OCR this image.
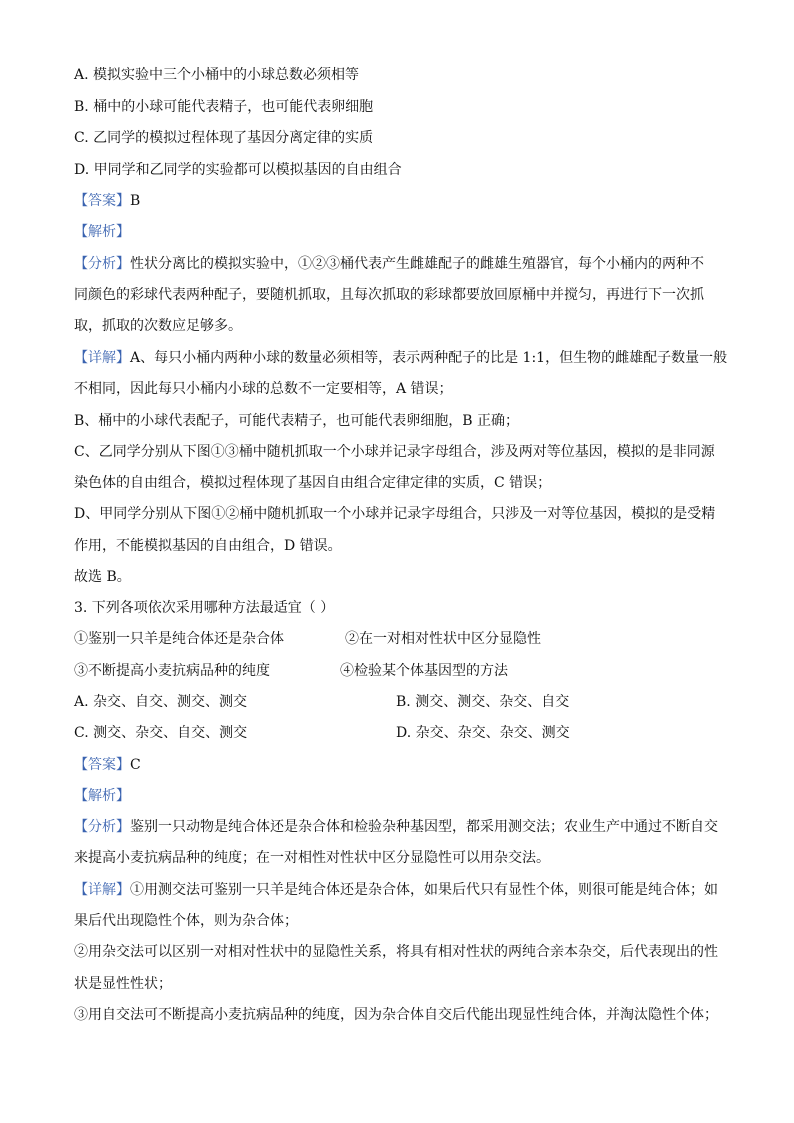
A. 模拟实验中三个小桶中的小球总数必须相等
B. 桶中的小球可能代表精子，也可能代表卵细胞
C. 乙同学的模拟过程体现了基因分离定律的实质
D. 甲同学和乙同学的实验都可以模拟基因的自由组合
【答案】B
【解析】
【分析】性状分离比的模拟实验中，①②③桶代表产生雌雄配子的雌雄生殖器官，每个小桶内的两种不
同颜色的彩球代表两种配子，要随机抓取，且每次抓取的彩球都要放回原桶中并搅匀，再进行下一次抓
取，抓取的次数应足够多。
【详解】A、每只小桶内两种小球的数量必须相等，表示两种配子的比是 1:1，但生物的雌雄配子数量一般
不相同，因此每只小桶内小球的总数不一定要相等，A 错误；
B、桶中的小球代表配子，可能代表精子，也可能代表卵细胞，B 正确；
C、乙同学分别从下图①③桶中随机抓取一个小球并记录字母组合，涉及两对等位基因，模拟的是非同源
染色体的自由组合，模拟过程体现了基因自由组合定律定律的实质，C 错误；
D、甲同学分别从下图①②桶中随机抓取一个小球并记录字母组合，只涉及一对等位基因，模拟的是受精
作用，不能模拟基因的自由组合，D 错误。
故选 B。
3. 下列各项依次采用哪种方法最适宜（ ）
①鉴别一只羊是纯合体还是杂合体	②在一对相对性状中区分显隐性
③不断提高小麦抗病品种的纯度	④检验某个体基因型的方法
A. 杂交、自交、测交、测交	B. 测交、测交、杂交、自交
C. 测交、杂交、自交、测交	D. 杂交、杂交、杂交、测交
【答案】C
【解析】
【分析】鉴别一只动物是纯合体还是杂合体和检验杂种基因型，都采用测交法；农业生产中通过不断自交
来提高小麦抗病品种的纯度；在一对相性对性状中区分显隐性可以用杂交法。
【详解】①用测交法可鉴别一只羊是纯合体还是杂合体，如果后代只有显性个体，则很可能是纯合体；如
果后代出现隐性个体，则为杂合体；
②用杂交法可以区别一对相对性状中的显隐性关系，将具有相对性状的两纯合亲本杂交，后代表现出的性
状是显性性状；
③用自交法可不断提高小麦抗病品种的纯度，因为杂合体自交后代能出现显性纯合体，并淘汰隐性个体；
